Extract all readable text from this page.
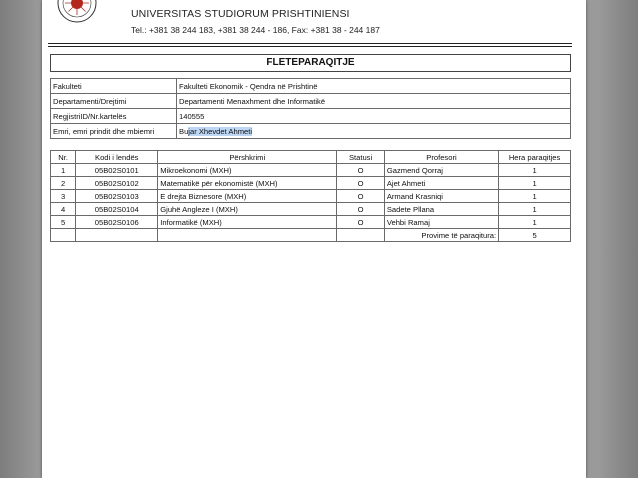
UNIVERSITAS STUDIORUM PRISHTINIENSI
Tel.: +381 38 244 183, +381 38 244 - 186, Fax: +381 38 - 244 187
FLETEPARAQITJE
Fakulteti	Fakulteti Ekonomik - Qendra në Prishtinë
Departamenti/Drejtimi	Departamenti Menaxhment dhe Informatikë
RegjistriID/Nr.kartelës	140555
Emri, emri prindit dhe mbiemri	Bujar Xhevdet Ahmeti
Nr.	Kodi i lendës	Përshkrimi	Statusi	Profesori	Hera paraqitjes
1	05B02S0101	Mikroekonomi (MXH)	O	Gazmend Qorraj	1
2	05B02S0102	Matematikë për ekonomistë (MXH)	O	Ajet Ahmeti	1
3	05B02S0103	E drejta Biznesore (MXH)	O	Armand Krasniqi	1
4	05B02S0104	Gjuhë Angleze I (MXH)	O	Sadete Pllana	1
5	05B02S0106	Informatikë (MXH)	O	Vehbi Ramaj	1
				Provime të paraqitura:	5
